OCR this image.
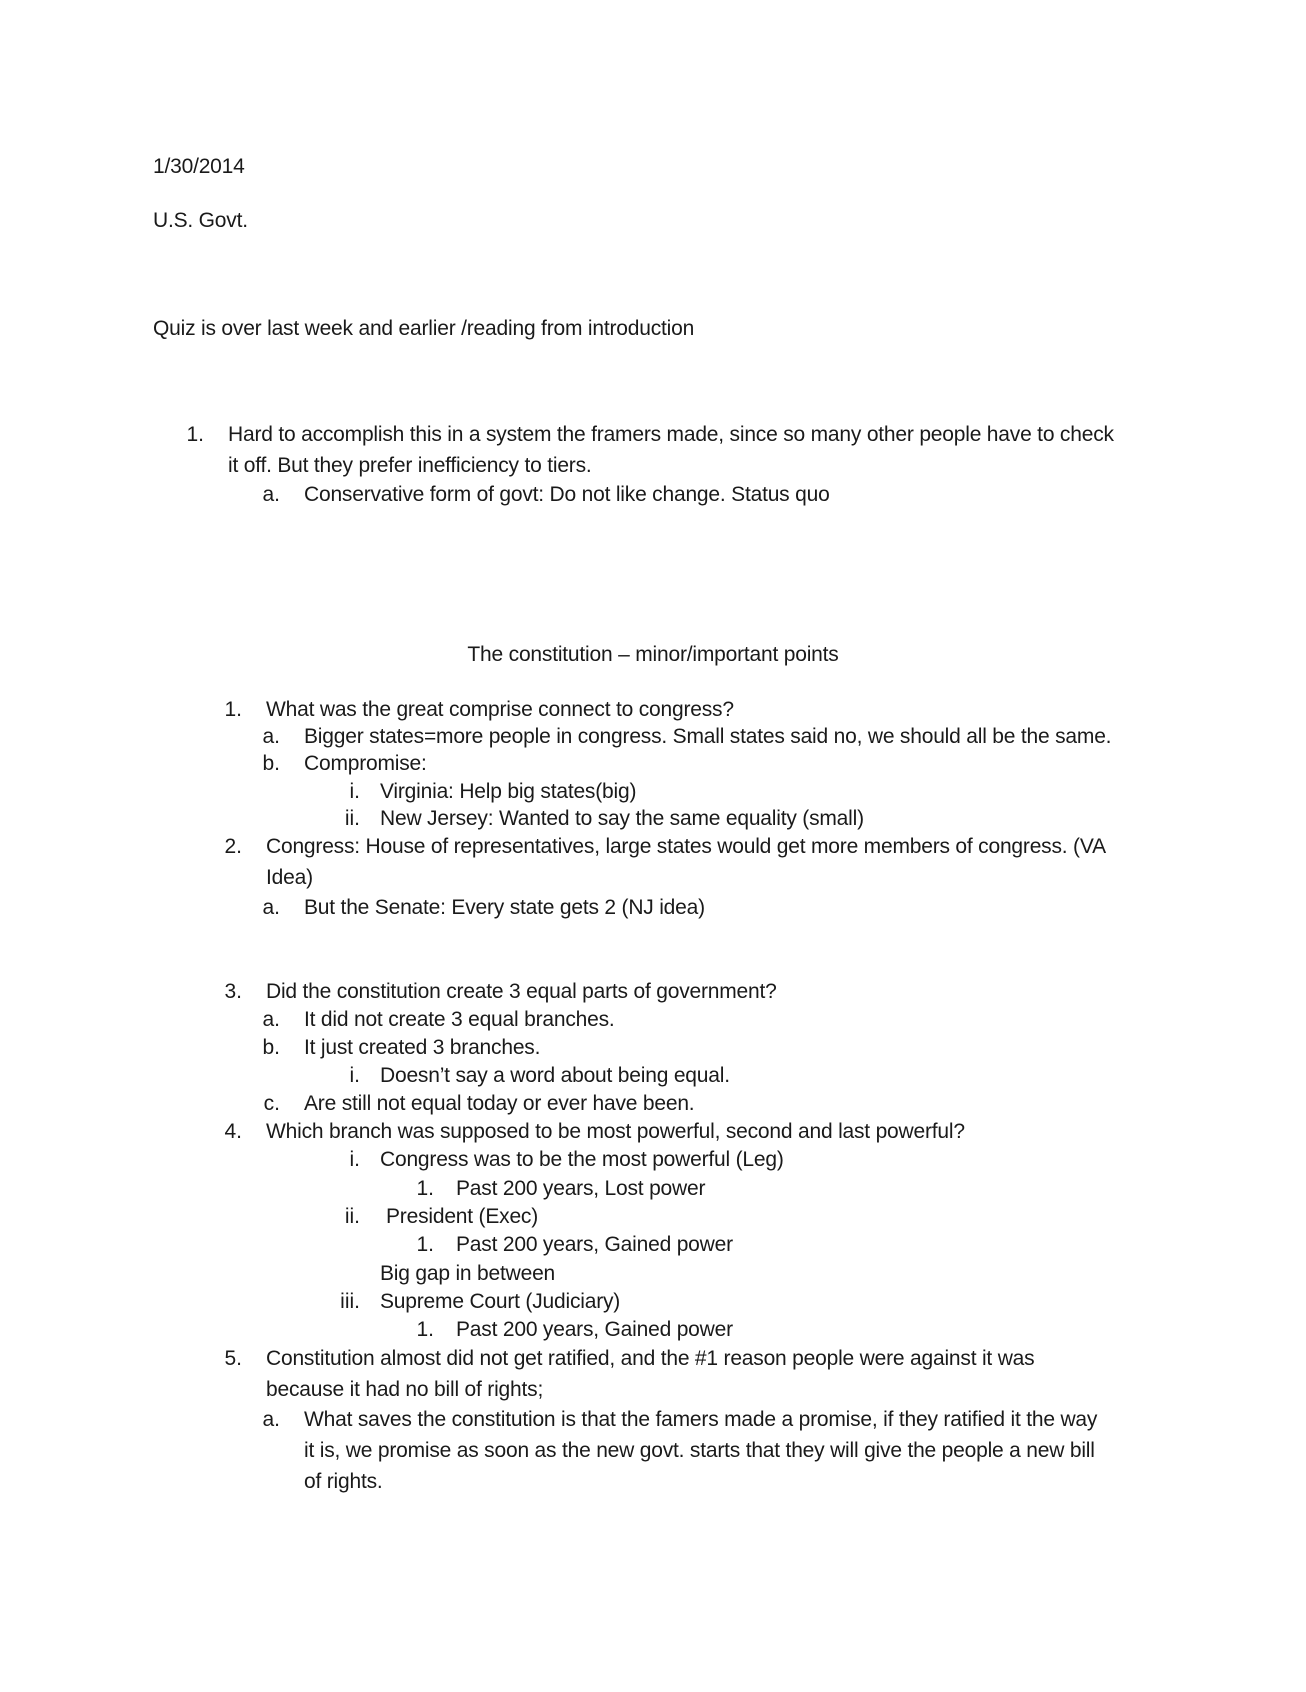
1/30/2014
U.S. Govt.
Quiz is over last week and earlier /reading from introduction
1. Hard to accomplish this in a system the framers made, since so many other people have to check
it off. But they prefer inefficiency to tiers.
a. Conservative form of govt: Do not like change. Status quo
The constitution – minor/important points
1. What was the great comprise connect to congress?
a. Bigger states=more people in congress. Small states said no, we should all be the same.
b. Compromise:
i. Virginia: Help big states(big)
ii. New Jersey: Wanted to say the same equality (small)
2. Congress: House of representatives, large states would get more members of congress. (VA
Idea)
a. But the Senate: Every state gets 2 (NJ idea)
3. Did the constitution create 3 equal parts of government?
a. It did not create 3 equal branches.
b. It just created 3 branches.
i. Doesn’t say a word about being equal.
c. Are still not equal today or ever have been.
4. Which branch was supposed to be most powerful, second and last powerful?
i. Congress was to be the most powerful (Leg)
1. Past 200 years, Lost power
ii. President (Exec)
1. Past 200 years, Gained power
Big gap in between
iii. Supreme Court (Judiciary)
1. Past 200 years, Gained power
5. Constitution almost did not get ratified, and the #1 reason people were against it was
because it had no bill of rights;
a. What saves the constitution is that the famers made a promise, if they ratified it the way
it is, we promise as soon as the new govt. starts that they will give the people a new bill
of rights.
